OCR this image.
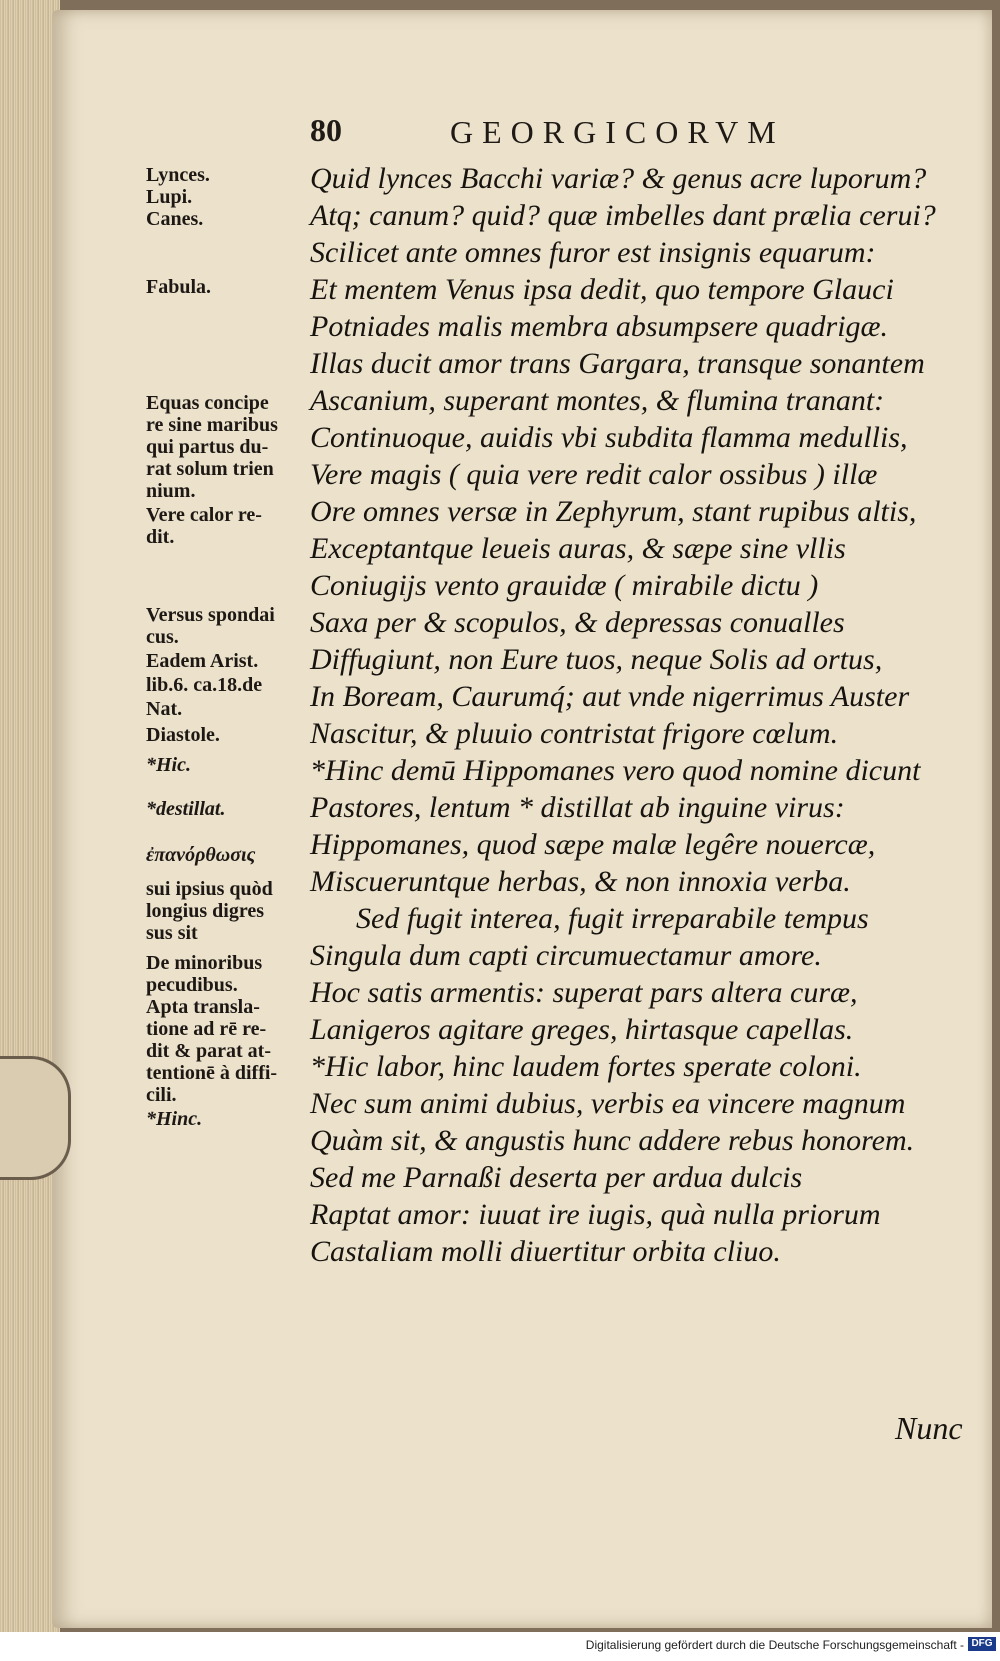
80	GEORGICORVM
Lynces.
Lupi.
Canes.
Fabula.
Equas concipe
re sine maribus
qui partus du-
rat solum trien
nium.
Vere calor re-
dit.
Versus spondai
cus.
Eadem Arist.
lib.6. ca.18.de
Nat.
Diastole.
*Hic.
*destillat.
ἐπανόρθωσις
sui ipsius quòd
longius digres
sus sit
De minoribus
pecudibus.
Apta transla-
tione ad rē re-
dit & parat at-
tentionē à diffi-
cili.
*Hinc.
Quid lynces Bacchi variæ? & genus acre luporum?
Atq; canum? quid? quæ imbelles dant prælia cerui?
Scilicet ante omnes furor est insignis equarum:
Et mentem Venus ipsa dedit, quo tempore Glauci
Potniades malis membra absumpsere quadrigæ.
Illas ducit amor trans Gargara, transque sonantem
Ascanium, superant montes, & flumina tranant:
Continuoque, auidis vbi subdita flamma medullis,
Vere magis ( quia vere redit calor ossibus ) illæ
Ore omnes versæ in Zephyrum, stant rupibus altis,
Exceptantque leueis auras, & sæpe sine vllis
Coniugijs vento grauidæ ( mirabile dictu )
Saxa per & scopulos, & depressas conualles
Diffugiunt, non Eure tuos, neque Solis ad ortus,
In Boream, Caurumq́; aut vnde nigerrimus Auster
Nascitur, & pluuio contristat frigore cœlum.
*Hinc demū Hippomanes vero quod nomine dicunt
Pastores, lentum * distillat ab inguine virus:
Hippomanes, quod sæpe malæ legêre nouercæ,
Miscueruntque herbas, & non innoxia verba.
Sed fugit interea, fugit irreparabile tempus
Singula dum capti circumuectamur amore.
Hoc satis armentis: superat pars altera curæ,
Lanigeros agitare greges, hirtasque capellas.
*Hic labor, hinc laudem fortes sperate coloni.
Nec sum animi dubius, verbis ea vincere magnum
Quàm sit, & angustis hunc addere rebus honorem.
Sed me Parnaßi deserta per ardua dulcis
Raptat amor: iuuat ire iugis, quà nulla priorum
Castaliam molli diuertitur orbita cliuo.
Nunc
Digitalisierung gefördert durch die Deutsche Forschungsgemeinschaft - DFG
